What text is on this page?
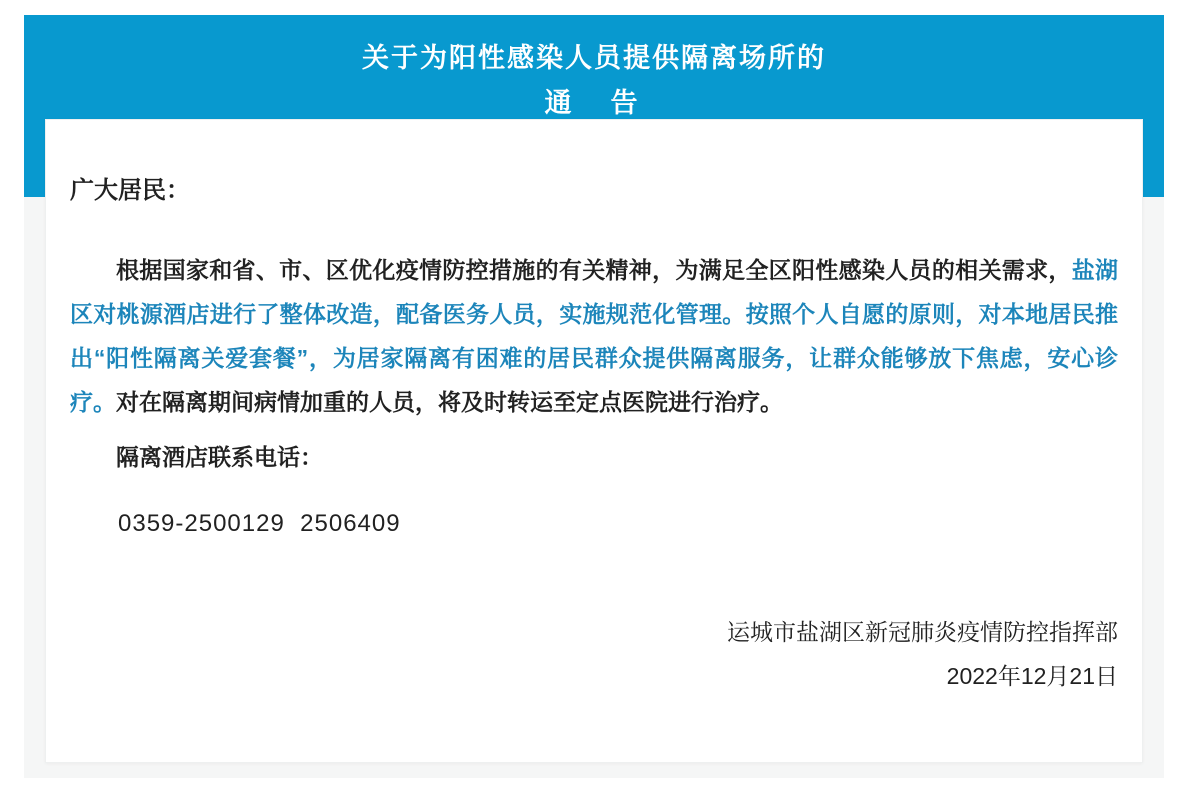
关于为阳性感染人员提供隔离场所的
通　告
广大居民：

根据国家和省、市、区优化疫情防控措施的有关精神，为满足全区阳性感染人员的相关需求，盐湖区对桃源酒店进行了整体改造，配备医务人员，实施规范化管理。按照个人自愿的原则，对本地居民推出“阳性隔离关爱套餐”，为居家隔离有困难的居民群众提供隔离服务，让群众能够放下焦虑，安心诊疗。对在隔离期间病情加重的人员，将及时转运至定点医院进行治疗。

隔离酒店联系电话：
0359-2500129  2506409
运城市盐湖区新冠肺炎疫情防控指挥部
2022年12月21日
